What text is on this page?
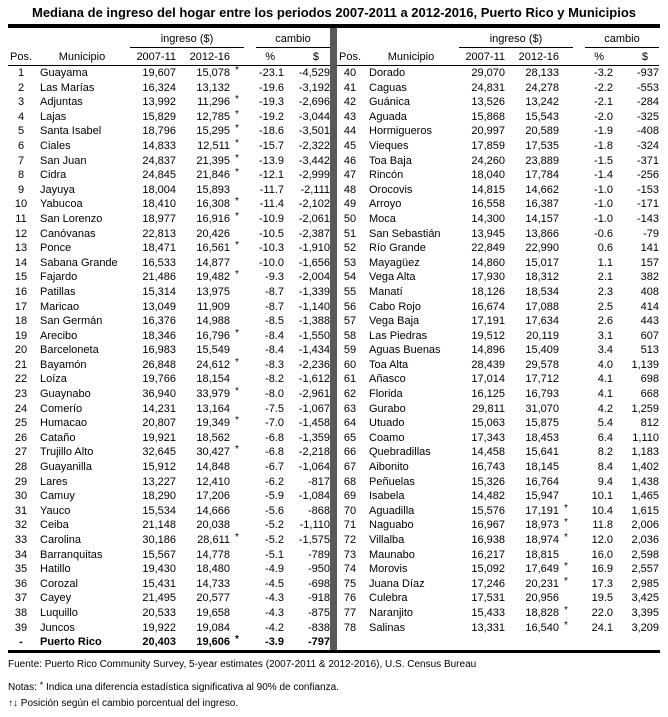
Mediana de ingreso del hogar entre los periodos 2007-2011 a 2012-2016, Puerto Rico y Municipios
ingreso ($)	cambio
Pos.	Municipio	2007-11	2012-16	%	$
1	Guayama	19,607	15,078 *	-23.1	-4,529
2	Las Marías	16,324	13,132	-19.6	-3,192
3	Adjuntas	13,992	11,296 *	-19.3	-2,696
4	Lajas	15,829	12,785 *	-19.2	-3,044
5	Santa Isabel	18,796	15,295 *	-18.6	-3,501
6	Ciales	14,833	12,511 *	-15.7	-2,322
7	San Juan	24,837	21,395 *	-13.9	-3,442
8	Cidra	24,845	21,846 *	-12.1	-2,999
9	Jayuya	18,004	15,893	-11.7	-2,111
10	Yabucoa	18,410	16,308 *	-11.4	-2,102
11	San Lorenzo	18,977	16,916 *	-10.9	-2,061
12	Canóvanas	22,813	20,426	-10.5	-2,387
13	Ponce	18,471	16,561 *	-10.3	-1,910
14	Sabana Grande	16,533	14,877	-10.0	-1,656
15	Fajardo	21,486	19,482 *	-9.3	-2,004
16	Patillas	15,314	13,975	-8.7	-1,339
17	Maricao	13,049	11,909	-8.7	-1,140
18	San Germán	16,376	14,988	-8.5	-1,388
19	Arecibo	18,346	16,796 *	-8.4	-1,550
20	Barceloneta	16,983	15,549	-8.4	-1,434
21	Bayamón	26,848	24,612 *	-8.3	-2,236
22	Loíza	19,766	18,154	-8.2	-1,612
23	Guaynabo	36,940	33,979 *	-8.0	-2,961
24	Comerío	14,231	13,164	-7.5	-1,067
25	Humacao	20,807	19,349 *	-7.0	-1,458
26	Cataño	19,921	18,562	-6.8	-1,359
27	Trujillo Alto	32,645	30,427 *	-6.8	-2,218
28	Guayanilla	15,912	14,848	-6.7	-1,064
29	Lares	13,227	12,410	-6.2	-817
30	Camuy	18,290	17,206	-5.9	-1,084
31	Yauco	15,534	14,666	-5.6	-868
32	Ceiba	21,148	20,038	-5.2	-1,110
33	Carolina	30,186	28,611 *	-5.2	-1,575
34	Barranquitas	15,567	14,778	-5.1	-789
35	Hatillo	19,430	18,480	-4.9	-950
36	Corozal	15,431	14,733	-4.5	-698
37	Cayey	21,495	20,577	-4.3	-918
38	Luquillo	20,533	19,658	-4.3	-875
39	Juncos	19,922	19,084	-4.2	-838
-	Puerto Rico	20,403	19,606 *	-3.9	-797
ingreso ($)	cambio
Pos.	Municipio	2007-11	2012-16	%	$
40	Dorado	29,070	28,133	-3.2	-937
41	Caguas	24,831	24,278	-2.2	-553
42	Guánica	13,526	13,242	-2.1	-284
43	Aguada	15,868	15,543	-2.0	-325
44	Hormigueros	20,997	20,589	-1.9	-408
45	Vieques	17,859	17,535	-1.8	-324
46	Toa Baja	24,260	23,889	-1.5	-371
47	Rincón	18,040	17,784	-1.4	-256
48	Orocovis	14,815	14,662	-1.0	-153
49	Arroyo	16,558	16,387	-1.0	-171
50	Moca	14,300	14,157	-1.0	-143
51	San Sebastián	13,945	13,866	-0.6	-79
52	Río Grande	22,849	22,990	0.6	141
53	Mayagüez	14,860	15,017	1.1	157
54	Vega Alta	17,930	18,312	2.1	382
55	Manatí	18,126	18,534	2.3	408
56	Cabo Rojo	16,674	17,088	2.5	414
57	Vega Baja	17,191	17,634	2.6	443
58	Las Piedras	19,512	20,119	3.1	607
59	Aguas Buenas	14,896	15,409	3.4	513
60	Toa Alta	28,439	29,578	4.0	1,139
61	Añasco	17,014	17,712	4.1	698
62	Florida	16,125	16,793	4.1	668
63	Gurabo	29,811	31,070	4.2	1,259
64	Utuado	15,063	15,875	5.4	812
65	Coamo	17,343	18,453	6.4	1,110
66	Quebradillas	14,458	15,641	8.2	1,183
67	Aibonito	16,743	18,145	8.4	1,402
68	Peñuelas	15,326	16,764	9.4	1,438
69	Isabela	14,482	15,947	10.1	1,465
70	Aguadilla	15,576	17,191 *	10.4	1,615
71	Naguabo	16,967	18,973 *	11.8	2,006
72	Villalba	16,938	18,974 *	12.0	2,036
73	Maunabo	16,217	18,815	16.0	2,598
74	Morovis	15,092	17,649 *	16.9	2,557
75	Juana Díaz	17,246	20,231 *	17.3	2,985
76	Culebra	17,531	20,956	19.5	3,425
77	Naranjito	15,433	18,828 *	22.0	3,395
78	Salinas	13,331	16,540 *	24.1	3,209
Fuente: Puerto Rico Community Survey, 5-year estimates (2007-2011 & 2012-2016), U.S. Census Bureau
Notas: * Indica una diferencia estadística significativa al 90% de confianza.
↑↓ Posición según el cambio porcentual del ingreso.
